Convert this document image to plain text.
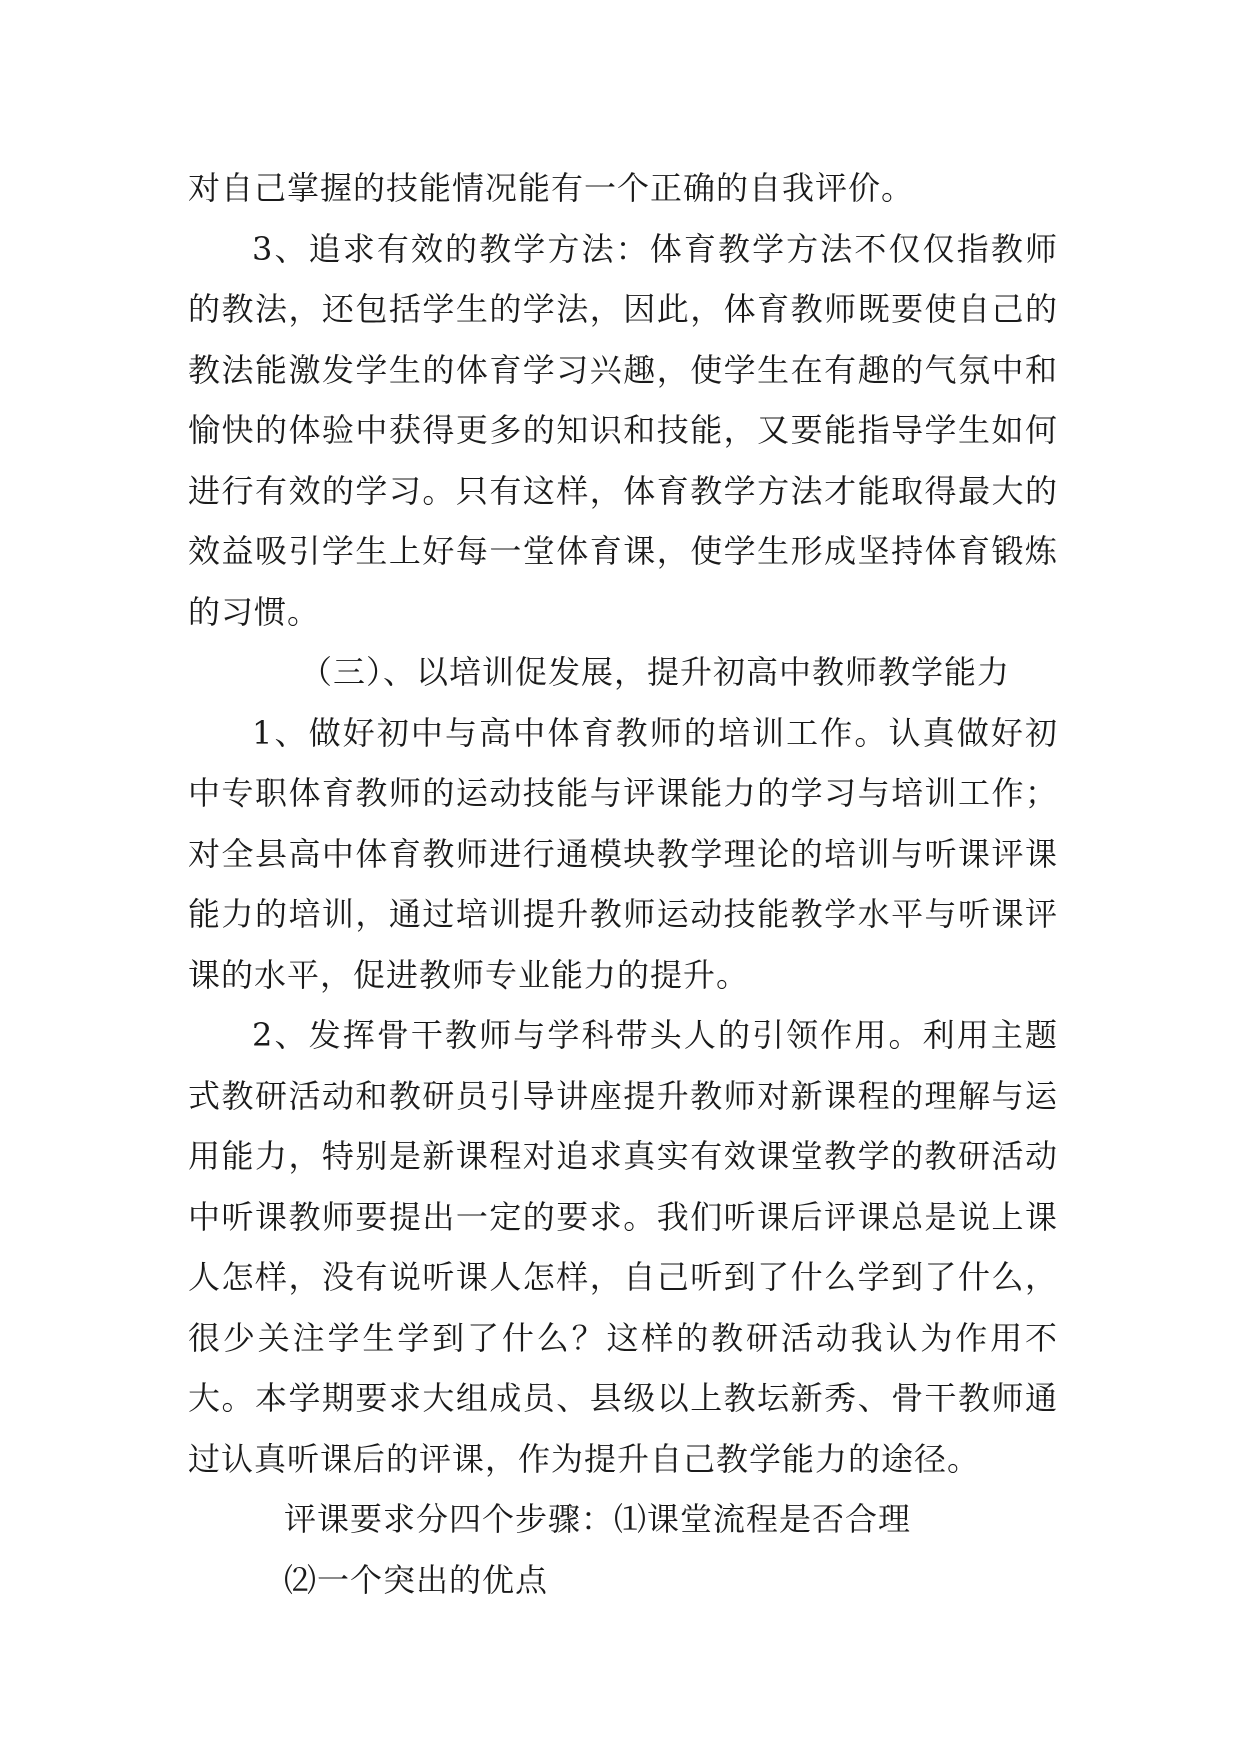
对自己掌握的技能情况能有一个正确的自我评价。

3、追求有效的教学方法：体育教学方法不仅仅指教师的教法，还包括学生的学法，因此，体育教师既要使自己的教法能激发学生的体育学习兴趣，使学生在有趣的气氛中和愉快的体验中获得更多的知识和技能，又要能指导学生如何进行有效的学习。只有这样，体育教学方法才能取得最大的效益吸引学生上好每一堂体育课，使学生形成坚持体育锻炼的习惯。

（三）、以培训促发展，提升初高中教师教学能力

1、做好初中与高中体育教师的培训工作。认真做好初中专职体育教师的运动技能与评课能力的学习与培训工作；对全县高中体育教师进行通模块教学理论的培训与听课评课能力的培训，通过培训提升教师运动技能教学水平与听课评课的水平，促进教师专业能力的提升。

2、发挥骨干教师与学科带头人的引领作用。利用主题式教研活动和教研员引导讲座提升教师对新课程的理解与运用能力，特别是新课程对追求真实有效课堂教学的教研活动中听课教师要提出一定的要求。我们听课后评课总是说上课人怎样，没有说听课人怎样，自己听到了什么学到了什么，很少关注学生学到了什么？这样的教研活动我认为作用不大。本学期要求大组成员、县级以上教坛新秀、骨干教师通过认真听课后的评课，作为提升自己教学能力的途径。

评课要求分四个步骤：⑴课堂流程是否合理

⑵一个突出的优点
